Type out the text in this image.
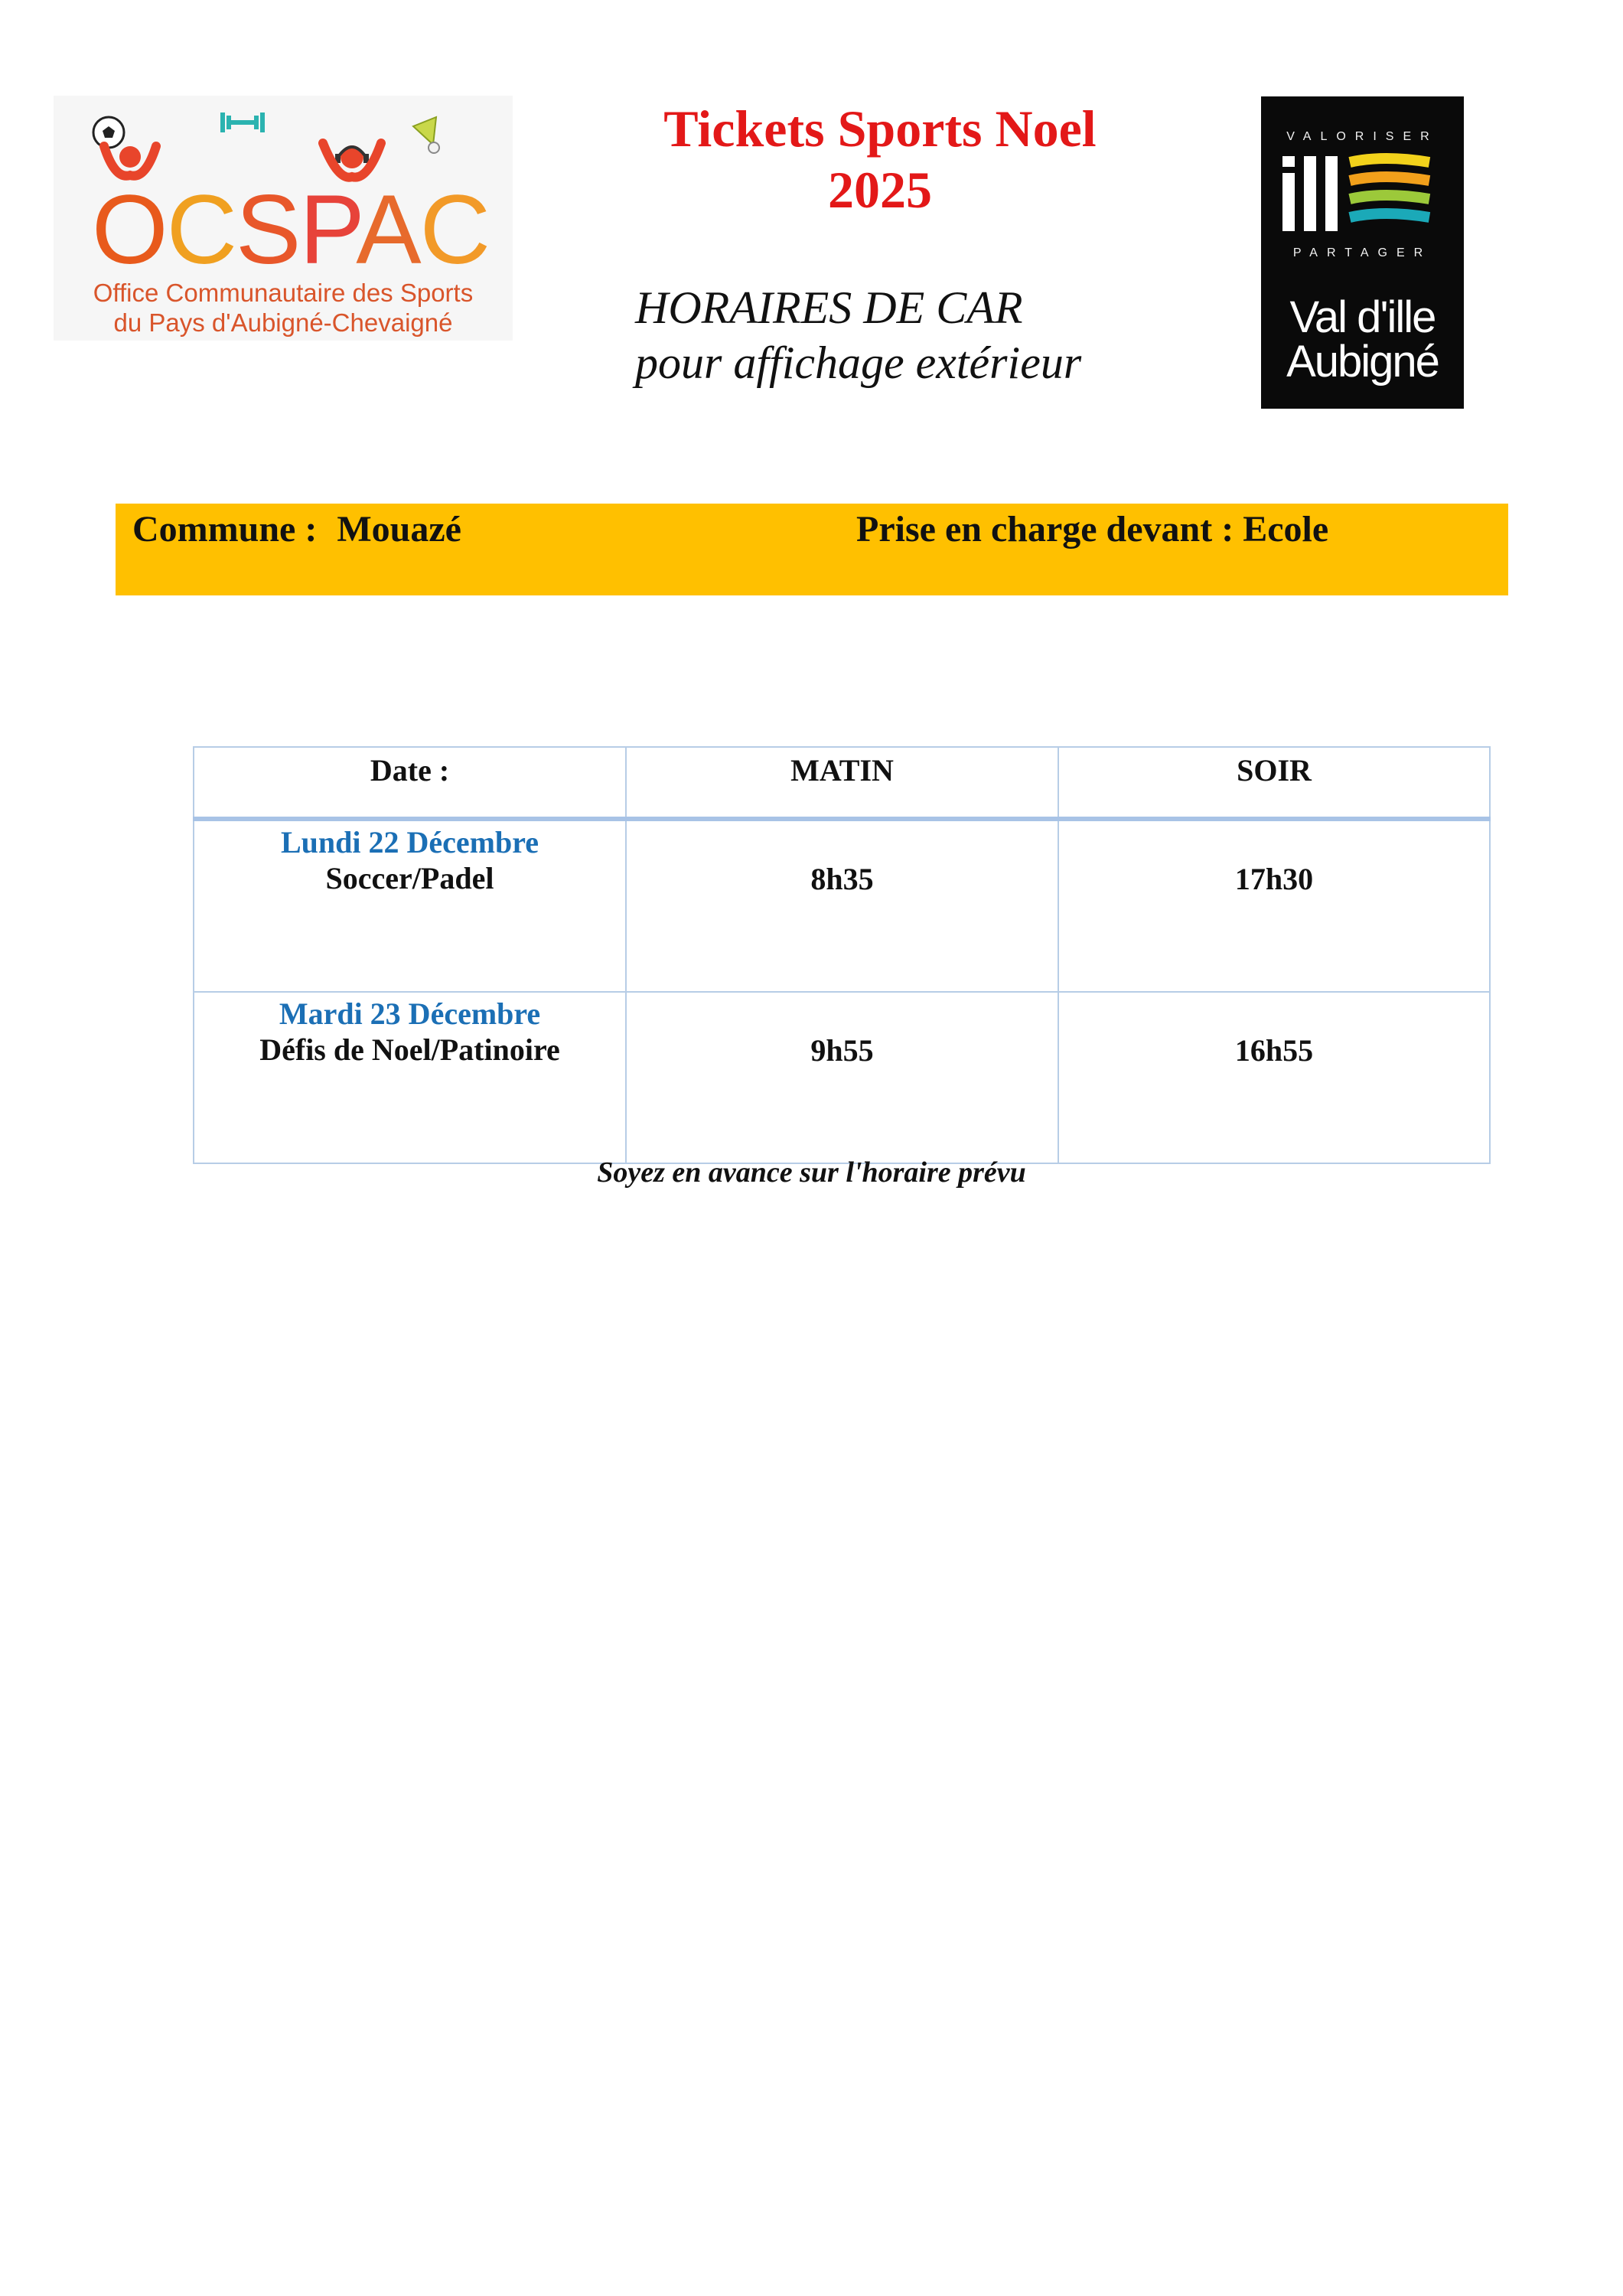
OCSPAC
Office Communautaire des Sports
du Pays d'Aubigné-Chevaigné
Tickets Sports Noel
2025
HORAIRES DE CAR
pour affichage extérieur
VALORISER
PARTAGER
Val d'ille
Aubigné
Commune : Mouazé	Prise en charge devant : Ecole
Date :	MATIN	SOIR

Lundi 22 Décembre
Soccer/Padel	8h35	17h30

Mardi 23 Décembre
Défis de Noel/Patinoire	9h55	16h55
Soyez en avance sur l'horaire prévu
